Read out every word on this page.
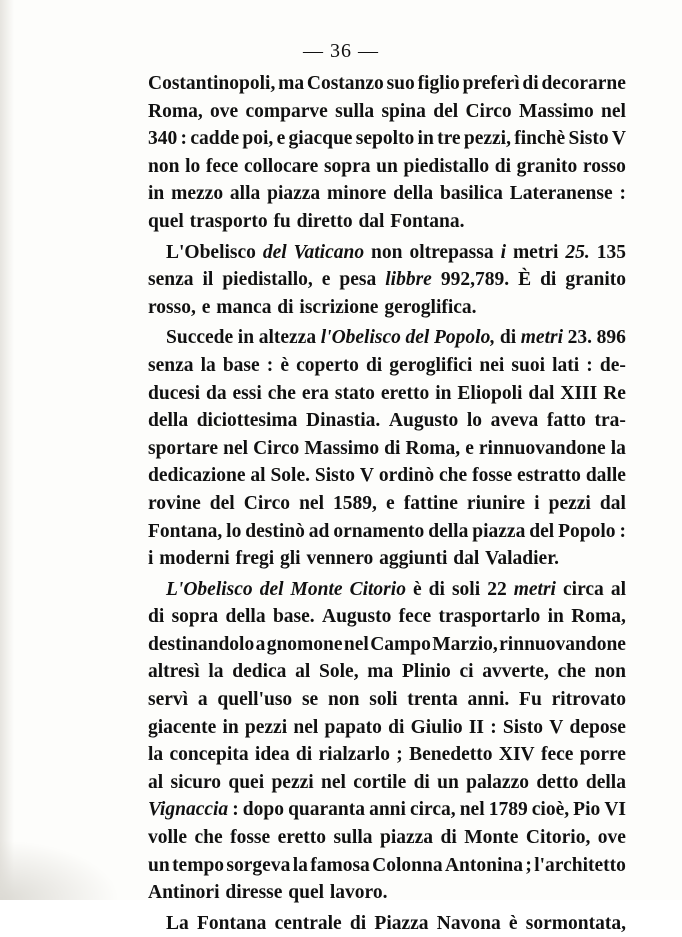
— 36 —
Costantinopoli, ma Costanzo suo figlio preferì di decorarne
Roma, ove comparve sulla spina del Circo Massimo nel
340 : cadde poi, e giacque sepolto in tre pezzi, finchè Sisto V
non lo fece collocare sopra un piedistallo di granito rosso
in mezzo alla piazza minore della basilica Lateranense :
quel trasporto fu diretto dal Fontana.
L'Obelisco del Vaticano non oltrepassa i metri 25. 135
senza il piedistallo, e pesa libbre 992,789. È di granito
rosso, e manca di iscrizione geroglifica.
Succede in altezza l'Obelisco del Popolo, di metri 23. 896
senza la base : è coperto di geroglifici nei suoi lati : de-
ducesi da essi che era stato eretto in Eliopoli dal XIII Re
della diciottesima Dinastia. Augusto lo aveva fatto tra-
sportare nel Circo Massimo di Roma, e rinnuovandone la
dedicazione al Sole. Sisto V ordinò che fosse estratto dalle
rovine del Circo nel 1589, e fattine riunire i pezzi dal
Fontana, lo destinò ad ornamento della piazza del Popolo :
i moderni fregi gli vennero aggiunti dal Valadier.
L'Obelisco del Monte Citorio è di soli 22 metri circa al
di sopra della base. Augusto fece trasportarlo in Roma,
destinandolo a gnomone nel Campo Marzio, rinnuovandone
altresì la dedica al Sole, ma Plinio ci avverte, che non
servì a quell'uso se non soli trenta anni. Fu ritrovato
giacente in pezzi nel papato di Giulio II : Sisto V depose
la concepita idea di rialzarlo ; Benedetto XIV fece porre
al sicuro quei pezzi nel cortile di un palazzo detto della
Vignaccia : dopo quaranta anni circa, nel 1789 cioè, Pio VI
volle che fosse eretto sulla piazza di Monte Citorio, ove
un tempo sorgeva la famosa Colonna Antonina ; l'architetto
Antinori diresse quel lavoro.
La Fontana centrale di Piazza Navona è sormontata,
